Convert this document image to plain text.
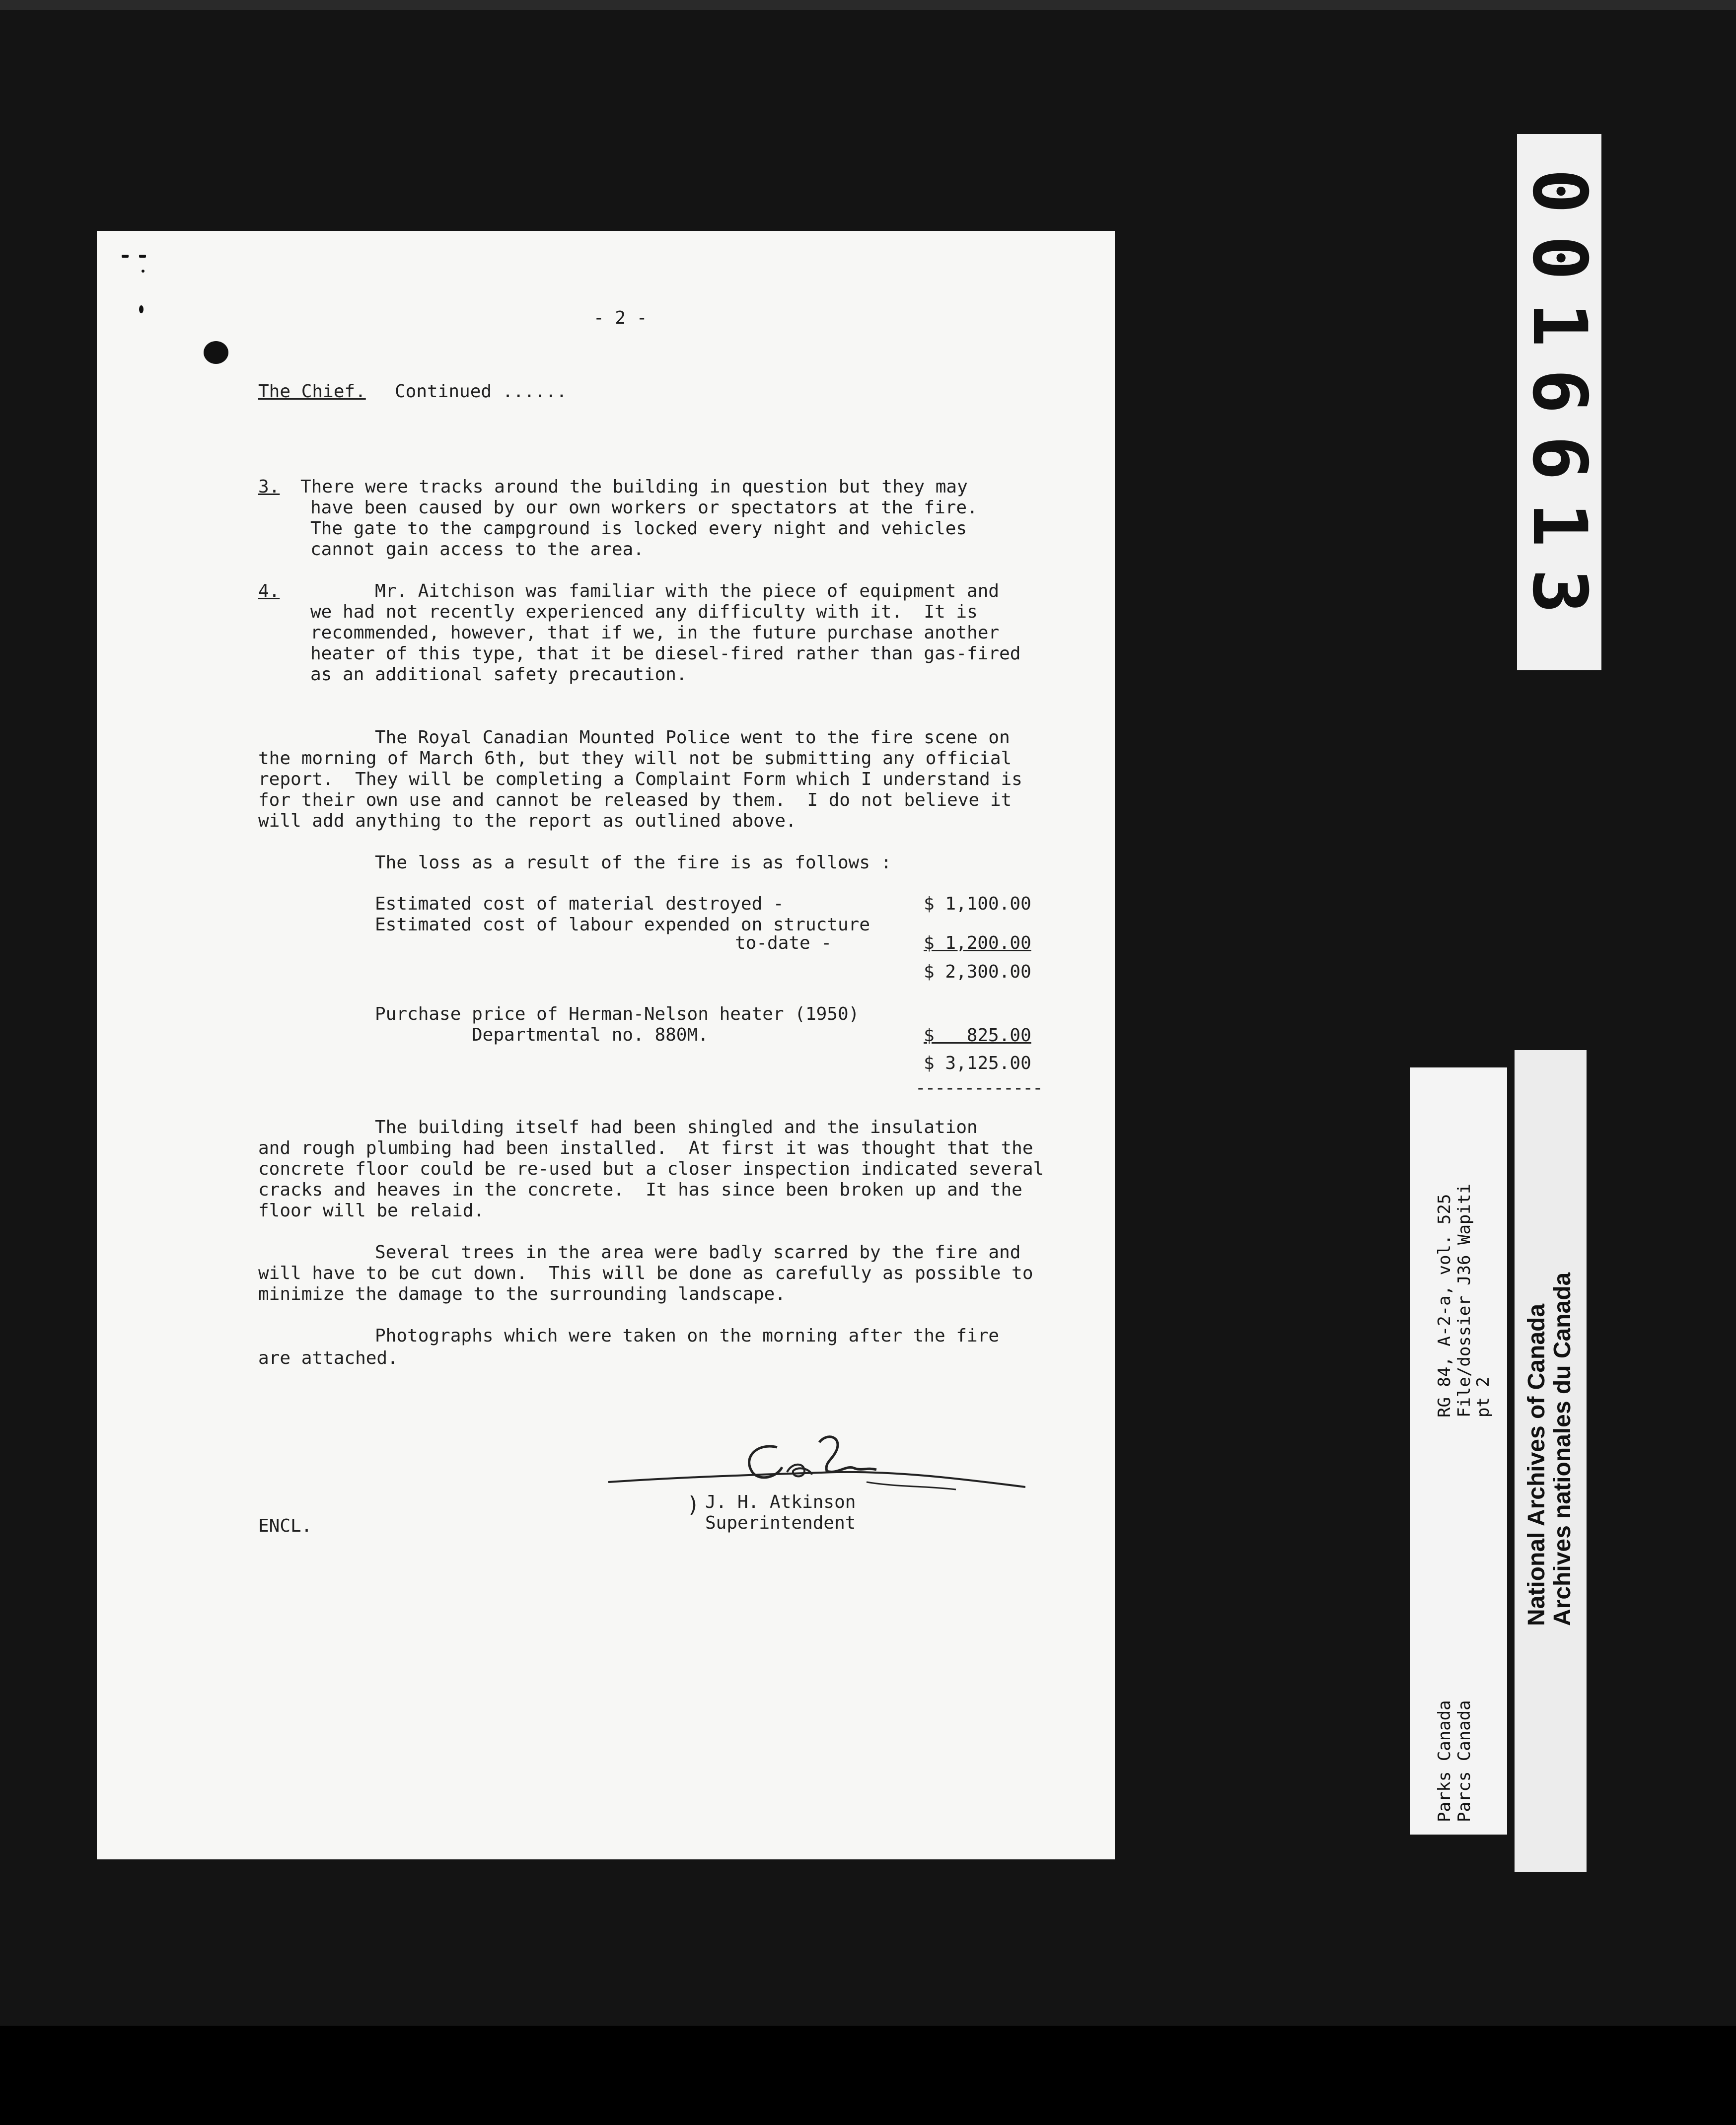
- 2 -
The Chief. Continued ......
3. There were tracks around the building in question but they may
have been caused by our own workers or spectators at the fire.
The gate to the campground is locked every night and vehicles
cannot gain access to the area.
4.	Mr. Aitchison was familiar with the piece of equipment and
we had not recently experienced any difficulty with it.  It is
recommended, however, that if we, in the future purchase another
heater of this type, that it be diesel-fired rather than gas-fired
as an additional safety precaution.
The Royal Canadian Mounted Police went to the fire scene on
the morning of March 6th, but they will not be submitting any official
report.  They will be completing a Complaint Form which I understand is
for their own use and cannot be released by them.  I do not believe it
will add anything to the report as outlined above.
The loss as a result of the fire is as follows :
Estimated cost of material destroyed -	$ 1,100.00
Estimated cost of labour expended on structure
to-date -	$ 1,200.00
$ 2,300.00
Purchase price of Herman-Nelson heater (1950)
Departmental no. 880M.	$   825.00
$ 3,125.00
-------------
The building itself had been shingled and the insulation
and rough plumbing had been installed.  At first it was thought that the
concrete floor could be re-used but a closer inspection indicated several
cracks and heaves in the concrete.  It has since been broken up and the
floor will be relaid.
Several trees in the area were badly scarred by the fire and
will have to be cut down.  This will be done as carefully as possible to
minimize the damage to the surrounding landscape.
Photographs which were taken on the morning after the fire
are attached.
) J. H. Atkinson
Superintendent
ENCL.
0016613
RG 84, A-2-a, vol. 525 File/dossier J36 Wapiti
pt 2
Parks Canada Parcs Canada
National Archives of Canada Archives nationales du Canada
